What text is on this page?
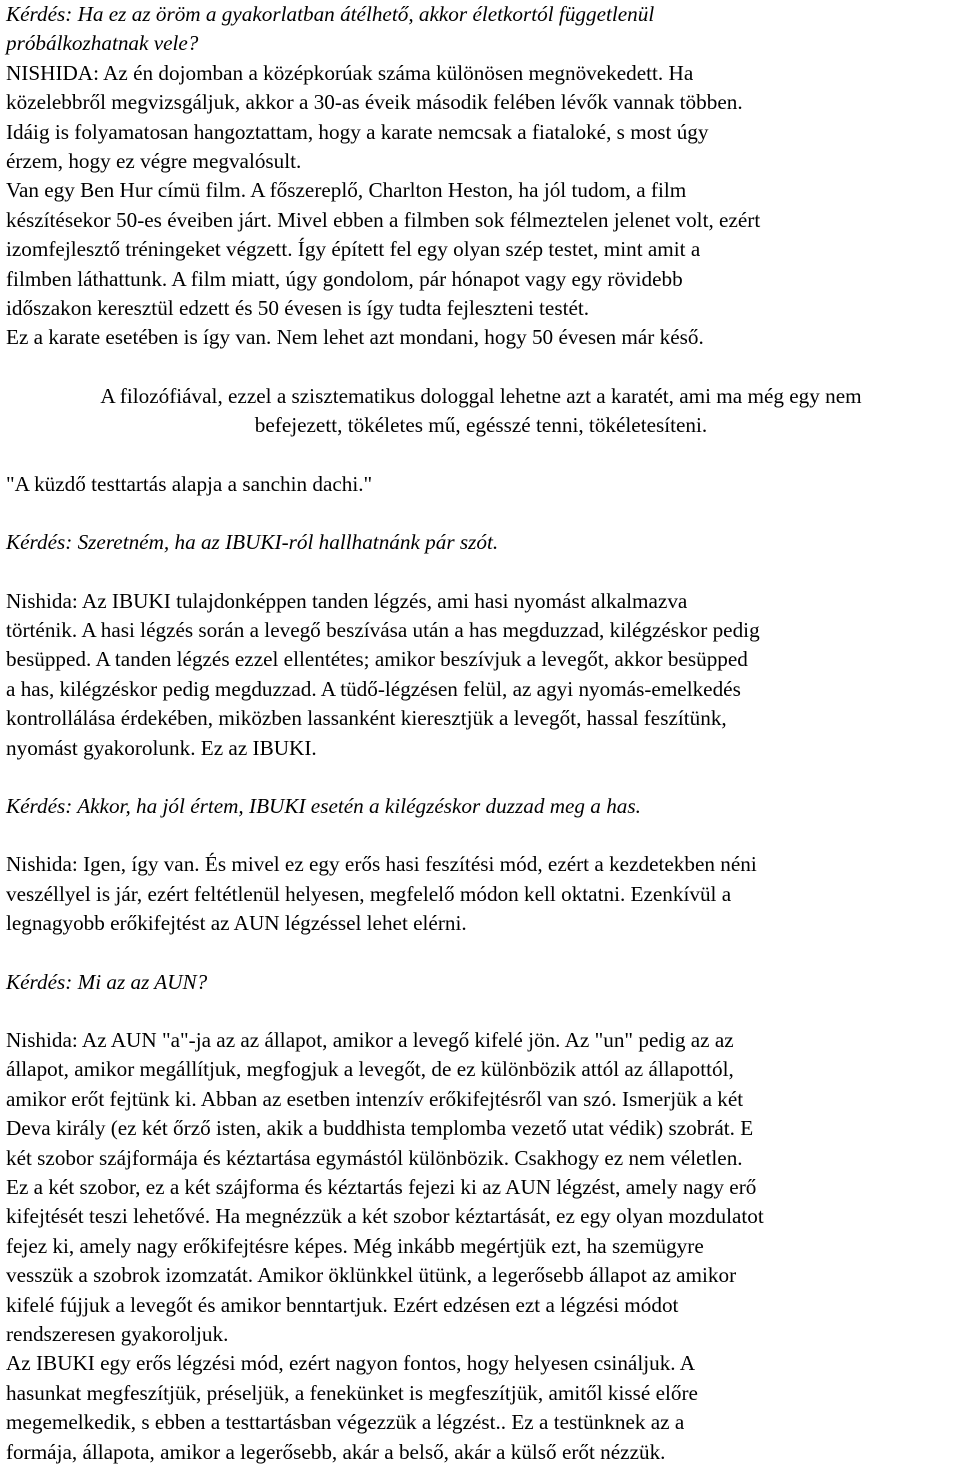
Kérdés: Ha ez az öröm a gyakorlatban átélhető, akkor életkortól függetlenül
próbálkozhatnak vele?

NISHIDA: Az én dojomban a középkorúak száma különösen megnövekedett. Ha
közelebbről megvizsgáljuk, akkor a 30-as éveik második felében lévők vannak többen.
Idáig is folyamatosan hangoztattam, hogy a karate nemcsak a fiataloké, s most úgy
érzem, hogy ez végre megvalósult.
Van egy Ben Hur címü film. A főszereplő, Charlton Heston, ha jól tudom, a film
készítésekor 50-es éveiben járt. Mivel ebben a filmben sok félmeztelen jelenet volt, ezért
izomfejlesztő tréningeket végzett. Így épített fel egy olyan szép testet, mint amit a
filmben láthattunk. A film miatt, úgy gondolom, pár hónapot vagy egy rövidebb
időszakon keresztül edzett és 50 évesen is így tudta fejleszteni testét.
Ez a karate esetében is így van. Nem lehet azt mondani, hogy 50 évesen már késő.

A filozófiával, ezzel a szisztematikus dologgal lehetne azt a karatét, ami ma még egy nem
befejezett, tökéletes mű, egésszé tenni, tökéletesíteni.

"A küzdő testtartás alapja a sanchin dachi."

Kérdés: Szeretném, ha az IBUKI-ról hallhatnánk pár szót.

Nishida: Az IBUKI tulajdonképpen tanden légzés, ami hasi nyomást alkalmazva
történik. A hasi légzés során a levegő beszívása után a has megduzzad, kilégzéskor pedig
besüpped. A tanden légzés ezzel ellentétes; amikor beszívjuk a levegőt, akkor besüpped
a has, kilégzéskor pedig megduzzad. A tüdő-légzésen felül, az agyi nyomás-emelkedés
kontrollálása érdekében, miközben lassanként kieresztjük a levegőt, hassal feszítünk,
nyomást gyakorolunk. Ez az IBUKI.

Kérdés: Akkor, ha jól értem, IBUKI esetén a kilégzéskor duzzad meg a has.

Nishida: Igen, így van. És mivel ez egy erős hasi feszítési mód, ezért a kezdetekben néni
veszéllyel is jár, ezért feltétlenül helyesen, megfelelő módon kell oktatni. Ezenkívül a
legnagyobb erőkifejtést az AUN légzéssel lehet elérni.

Kérdés: Mi az az AUN?

Nishida: Az AUN "a"-ja az az állapot, amikor a levegő kifelé jön. Az "un" pedig az az
állapot, amikor megállítjuk, megfogjuk a levegőt, de ez különbözik attól az állapottól,
amikor erőt fejtünk ki. Abban az esetben intenzív erőkifejtésről van szó. Ismerjük a két
Deva király (ez két őrző isten, akik a buddhista templomba vezető utat védik) szobrát. E
két szobor szájformája és kéztartása egymástól különbözik. Csakhogy ez nem véletlen.
Ez a két szobor, ez a két szájforma és kéztartás fejezi ki az AUN légzést, amely nagy erő
kifejtését teszi lehetővé. Ha megnézzük a két szobor kéztartását, ez egy olyan mozdulatot
fejez ki, amely nagy erőkifejtésre képes. Még inkább megértjük ezt, ha szemügyre
vesszük a szobrok izomzatát. Amikor öklünkkel ütünk, a legerősebb állapot az amikor
kifelé fújjuk a levegőt és amikor benntartjuk. Ezért edzésen ezt a légzési módot
rendszeresen gyakoroljuk.
Az IBUKI egy erős légzési mód, ezért nagyon fontos, hogy helyesen csináljuk. A
hasunkat megfeszítjük, préseljük, a fenekünket is megfeszítjük, amitől kissé előre
megemelkedik, s ebben a testtartásban végezzük a légzést.. Ez a testünknek az a
formája, állapota, amikor a legerősebb, akár a belső, akár a külső erőt nézzük.
